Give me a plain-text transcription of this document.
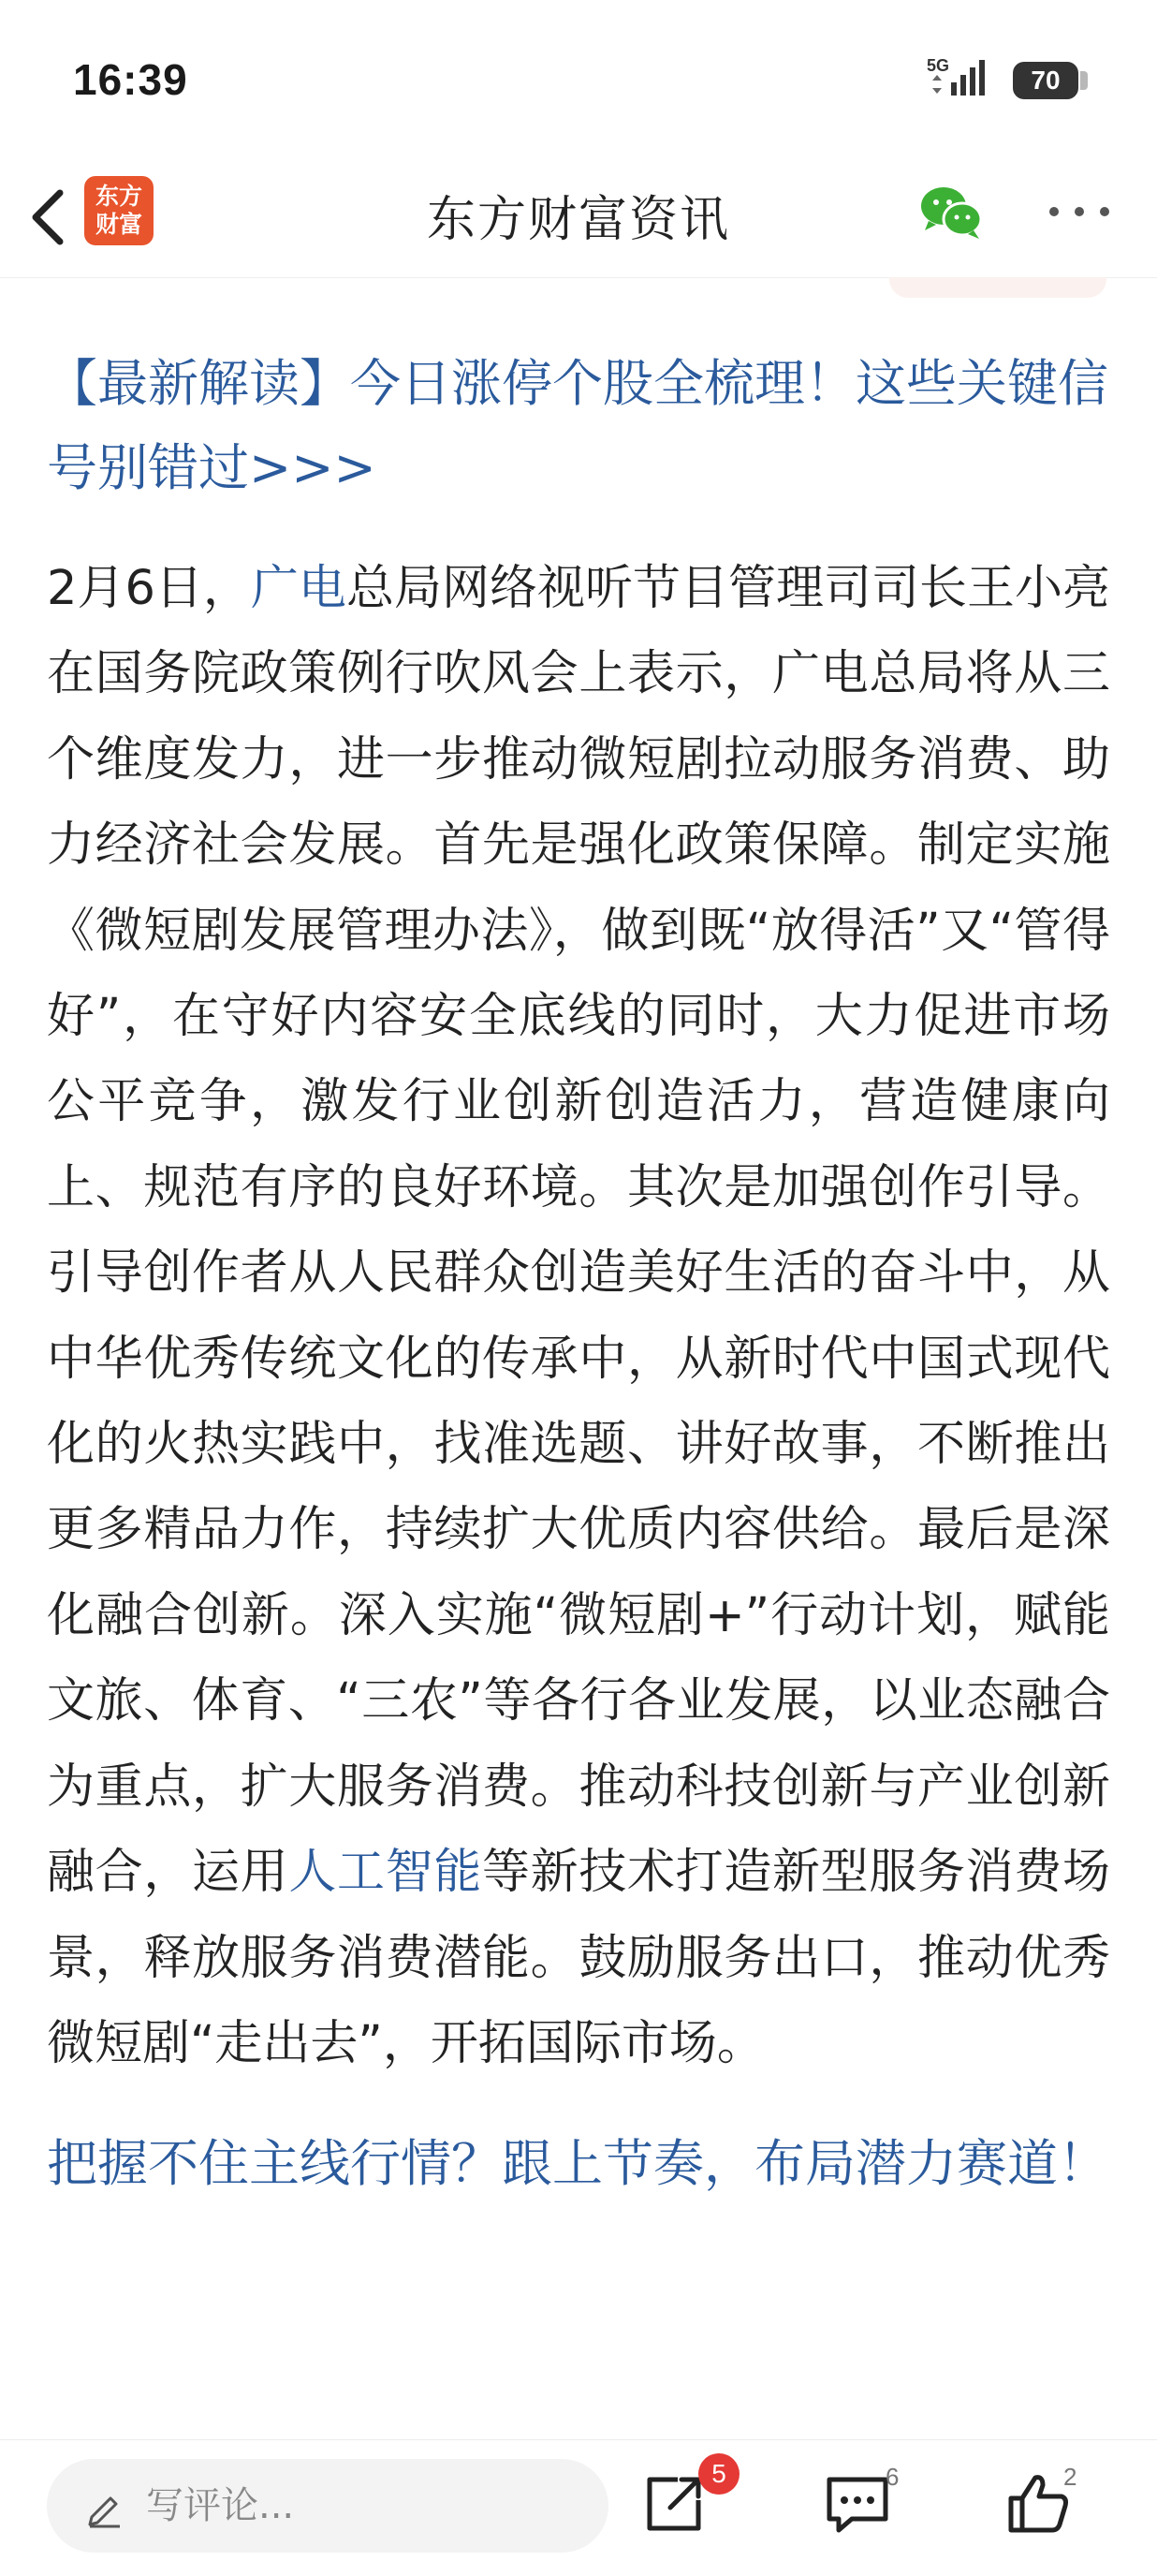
16:39	5G	70
东方
财富	东方财富资讯

【最新解读】今日涨停个股全梳理！这些关键信号别错过>>>

2月6日，广电总局网络视听节目管理司司长王小亮在国务院政策例行吹风会上表示，广电总局将从三个维度发力，进一步推动微短剧拉动服务消费、助力经济社会发展。首先是强化政策保障。制定实施《微短剧发展管理办法》，做到既“放得活”又“管得好”，在守好内容安全底线的同时，大力促进市场公平竞争，激发行业创新创造活力，营造健康向上、规范有序的良好环境。其次是加强创作引导。引导创作者从人民群众创造美好生活的奋斗中，从中华优秀传统文化的传承中，从新时代中国式现代化的火热实践中，找准选题、讲好故事，不断推出更多精品力作，持续扩大优质内容供给。最后是深化融合创新。深入实施“微短剧+”行动计划，赋能文旅、体育、“三农”等各行各业发展，以业态融合为重点，扩大服务消费。推动科技创新与产业创新融合，运用人工智能等新技术打造新型服务消费场景，释放服务消费潜能。鼓励服务出口，推动优秀微短剧“走出去”，开拓国际市场。
把握不住主线行情？跟上节奏，布局潜力赛道！
写评论...
5	6	2
